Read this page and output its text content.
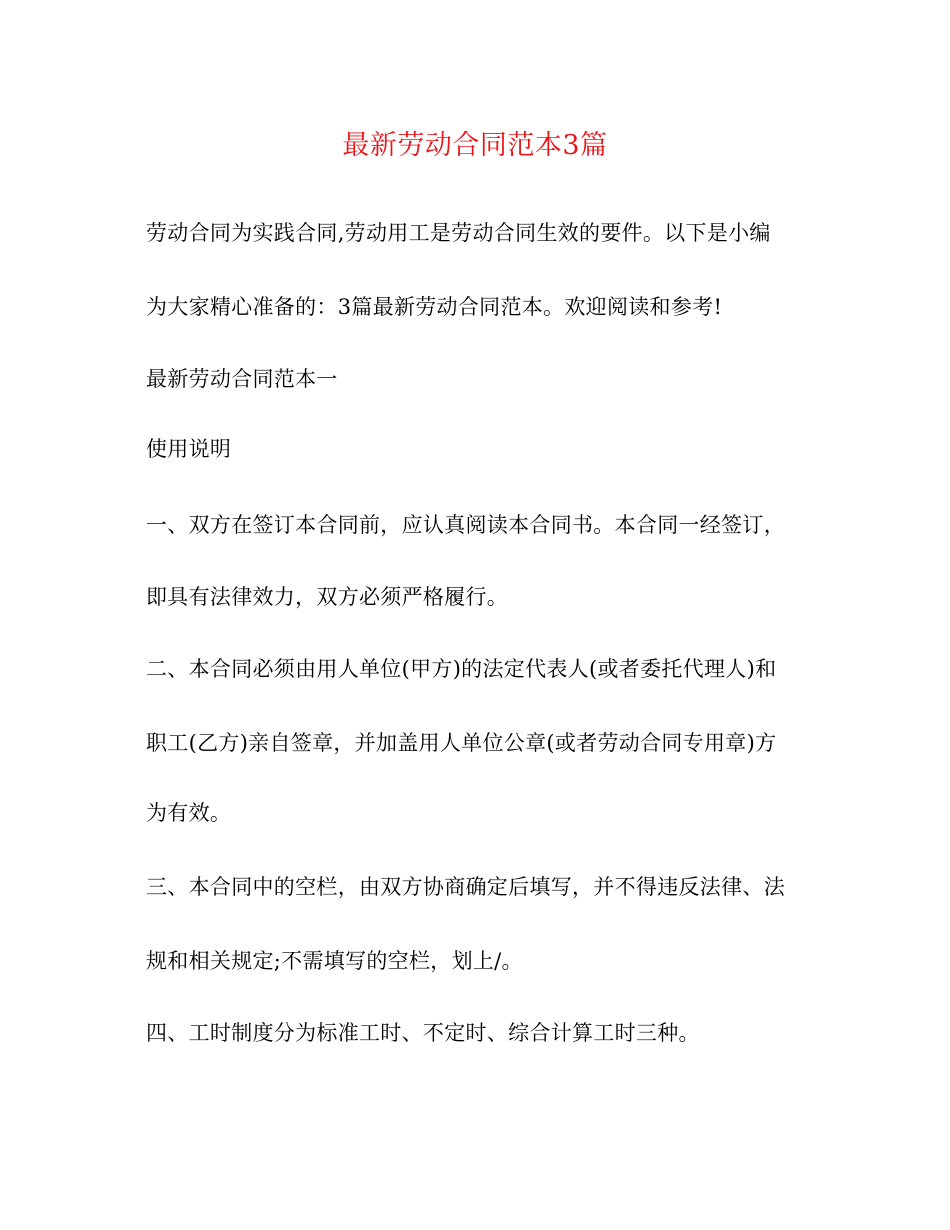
最新劳动合同范本3篇

劳动合同为实践合同,劳动用工是劳动合同生效的要件。以下是小编

为大家精心准备的：3篇最新劳动合同范本。欢迎阅读和参考!

最新劳动合同范本一

使用说明

一、双方在签订本合同前，应认真阅读本合同书。本合同一经签订，

即具有法律效力，双方必须严格履行。

二、本合同必须由用人单位(甲方)的法定代表人(或者委托代理人)和

职工(乙方)亲自签章，并加盖用人单位公章(或者劳动合同专用章)方

为有效。

三、本合同中的空栏，由双方协商确定后填写，并不得违反法律、法

规和相关规定;不需填写的空栏，划上/。

四、工时制度分为标准工时、不定时、综合计算工时三种。
